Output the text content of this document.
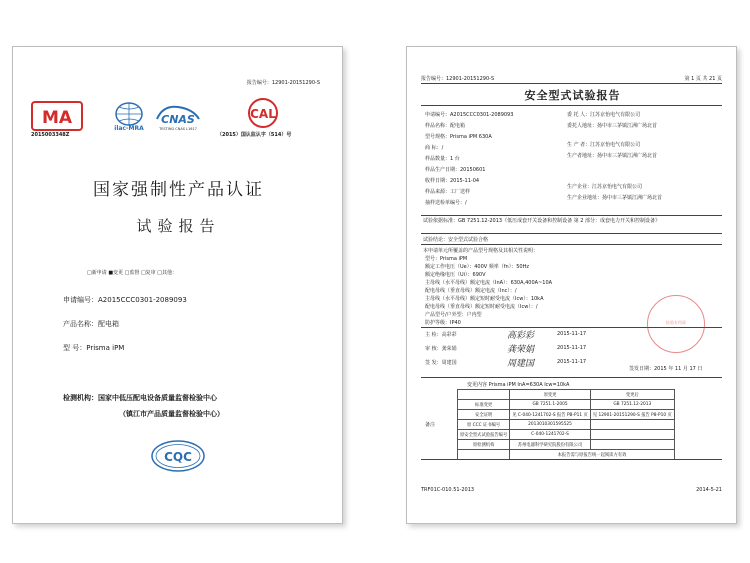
报告编号：12901-20151290-S
MA
2015003348Z
ilac-MRA
CNAS
TESTING CNAS L1617
CAL
（2015）国认监认字（514）号
国家强制性产品认证
试验报告
□新申请 ■变更 □监督 □复审 □其他：
申请编号：A2015CCC0301-2089093
产品名称：配电箱
型 号：Prisma iPM
检测机构：国家中低压配电设备质量监督检验中心
（镇江市产品质量监督检验中心）
CQC
报告编号：12901-20151290-S	第 1 页 共 21 页
安全型式试验报告
申请编号：A2015CCC0301-2089093
样品名称：配电箱
型号规格：Prisma iPM 630A
商 标：/
样品数量：1 台
样品生产日期：20150601
收样日期：2015-11-04
样品来源：工厂送样
抽样送检单编号：/
委 托 人：江苏京怡电气有限公司
委托人地址：扬中市三茅镇江洲广场北首
生 产 者：江苏京怡电气有限公司
生产者地址：扬中市三茅镇江洲广场北首
生产企业：江苏京怡电气有限公司
生产企业地址：扬中市三茅镇江洲广场北首
试验依据标准：GB 7251.12-2013《低压成套开关设备和控制设备 第 2 部分：成套电力开关和控制设备》
试验结论：安全型式试验合格
本申请单元所覆盖的产品型号规格及其相关性说明：
型号：Prisma iPM
额定工作电压（Ue）：400V 频率（fn）：50Hz
额定绝缘电压（Ui）：690V
主母线（水平母线）额定电流（InA）：630A,400A~10A
配电母线（垂直母线）额定电流（Inc）：/
主母线（水平母线）额定短时耐受电流（Icw）：10kA
配电母线（垂直母线）额定短时耐受电流（Icw）：/
产品型号/户外型：户内型
防护等级：IP40
主 检：高彩彩	高彩彩	2015-11-17
审 核：龚荣娟	龚荣娟	2015-11-17
签 发：周建国	周建国	2015-11-17
签发日期：2015 年 11 月 17 日
检验专用章
备注
变更内容 Prisma iPM InA=630A Icw=10kA
	原变更	变更后
标准变更	GB 7251.1-2005	GB 7251.12-2013
安全证明	见 C-040-1241702-S 报告 PB-P11 页	见 12901-20151290-S 报告 P8-P10 页
原 CCC 证书编号	2013010301595525	
原安全型式试验报告编号	C-040-1241702-S	
原检测机构	苏州电器科学研究院股份有限公司	
	本报告需与原报告统一起阅读方有效	
TRF01C-010.51-2013	2014-5-21
